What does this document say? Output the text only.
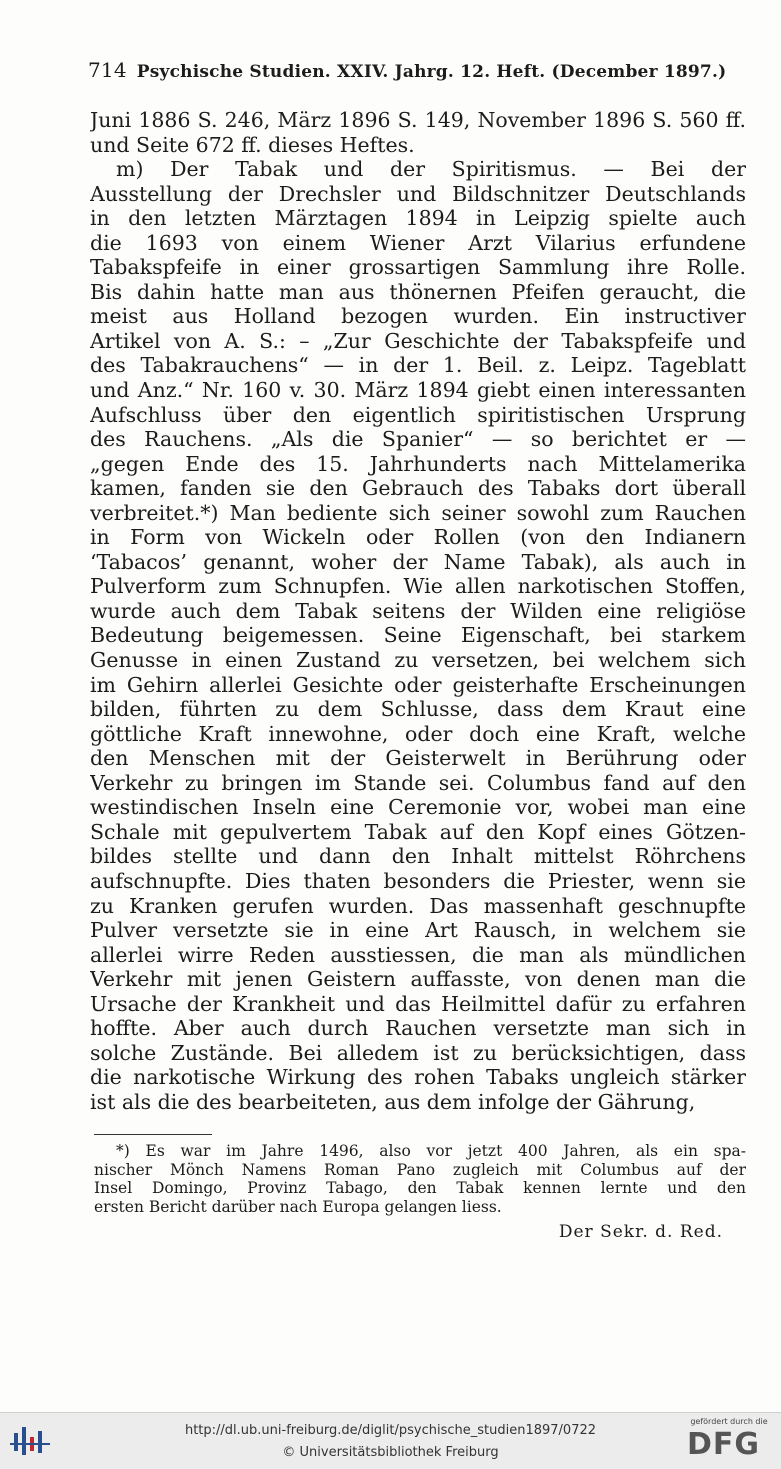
714 Psychische Studien. XXIV. Jahrg. 12. Heft. (December 1897.)
Juni 1886 S. 246, März 1896 S. 149, November 1896 S. 560 ff.
und Seite 672 ff. dieses Heftes.
m) Der Tabak und der Spiritismus. — Bei der
Ausstellung der Drechsler und Bildschnitzer Deutschlands
in den letzten Märztagen 1894 in Leipzig spielte auch
die 1693 von einem Wiener Arzt Vilarius erfundene
Tabakspfeife in einer grossartigen Sammlung ihre Rolle.
Bis dahin hatte man aus thönernen Pfeifen geraucht, die
meist aus Holland bezogen wurden. Ein instructiver
Artikel von A. S.: – „Zur Geschichte der Tabakspfeife und
des Tabakrauchens“ — in der 1. Beil. z. Leipz. Tageblatt
und Anz.“ Nr. 160 v. 30. März 1894 giebt einen interessanten
Aufschluss über den eigentlich spiritistischen Ursprung
des Rauchens. „Als die Spanier“ — so berichtet er —
„gegen Ende des 15. Jahrhunderts nach Mittelamerika
kamen, fanden sie den Gebrauch des Tabaks dort überall
verbreitet.*) Man bediente sich seiner sowohl zum Rauchen
in Form von Wickeln oder Rollen (von den Indianern
‘Tabacos’ genannt, woher der Name Tabak), als auch in
Pulverform zum Schnupfen. Wie allen narkotischen Stoffen,
wurde auch dem Tabak seitens der Wilden eine religiöse
Bedeutung beigemessen. Seine Eigenschaft, bei starkem
Genusse in einen Zustand zu versetzen, bei welchem sich
im Gehirn allerlei Gesichte oder geisterhafte Erscheinungen
bilden, führten zu dem Schlusse, dass dem Kraut eine
göttliche Kraft innewohne, oder doch eine Kraft, welche
den Menschen mit der Geisterwelt in Berührung oder
Verkehr zu bringen im Stande sei. Columbus fand auf den
westindischen Inseln eine Ceremonie vor, wobei man eine
Schale mit gepulvertem Tabak auf den Kopf eines Götzen-
bildes stellte und dann den Inhalt mittelst Röhrchens
aufschnupfte. Dies thaten besonders die Priester, wenn sie
zu Kranken gerufen wurden. Das massenhaft geschnupfte
Pulver versetzte sie in eine Art Rausch, in welchem sie
allerlei wirre Reden ausstiessen, die man als mündlichen
Verkehr mit jenen Geistern auffasste, von denen man die
Ursache der Krankheit und das Heilmittel dafür zu erfahren
hoffte. Aber auch durch Rauchen versetzte man sich in
solche Zustände. Bei alledem ist zu berücksichtigen, dass
die narkotische Wirkung des rohen Tabaks ungleich stärker
ist als die des bearbeiteten, aus dem infolge der Gährung,
*) Es war im Jahre 1496, also vor jetzt 400 Jahren, als ein spa-
nischer Mönch Namens Roman Pano zugleich mit Columbus auf der
Insel Domingo, Provinz Tabago, den Tabak kennen lernte und den
ersten Bericht darüber nach Europa gelangen liess.
Der Sekr. d. Red.
http://dl.ub.uni-freiburg.de/diglit/psychische_studien1897/0722
© Universitätsbibliothek Freiburg
gefördert durch die
DFG
